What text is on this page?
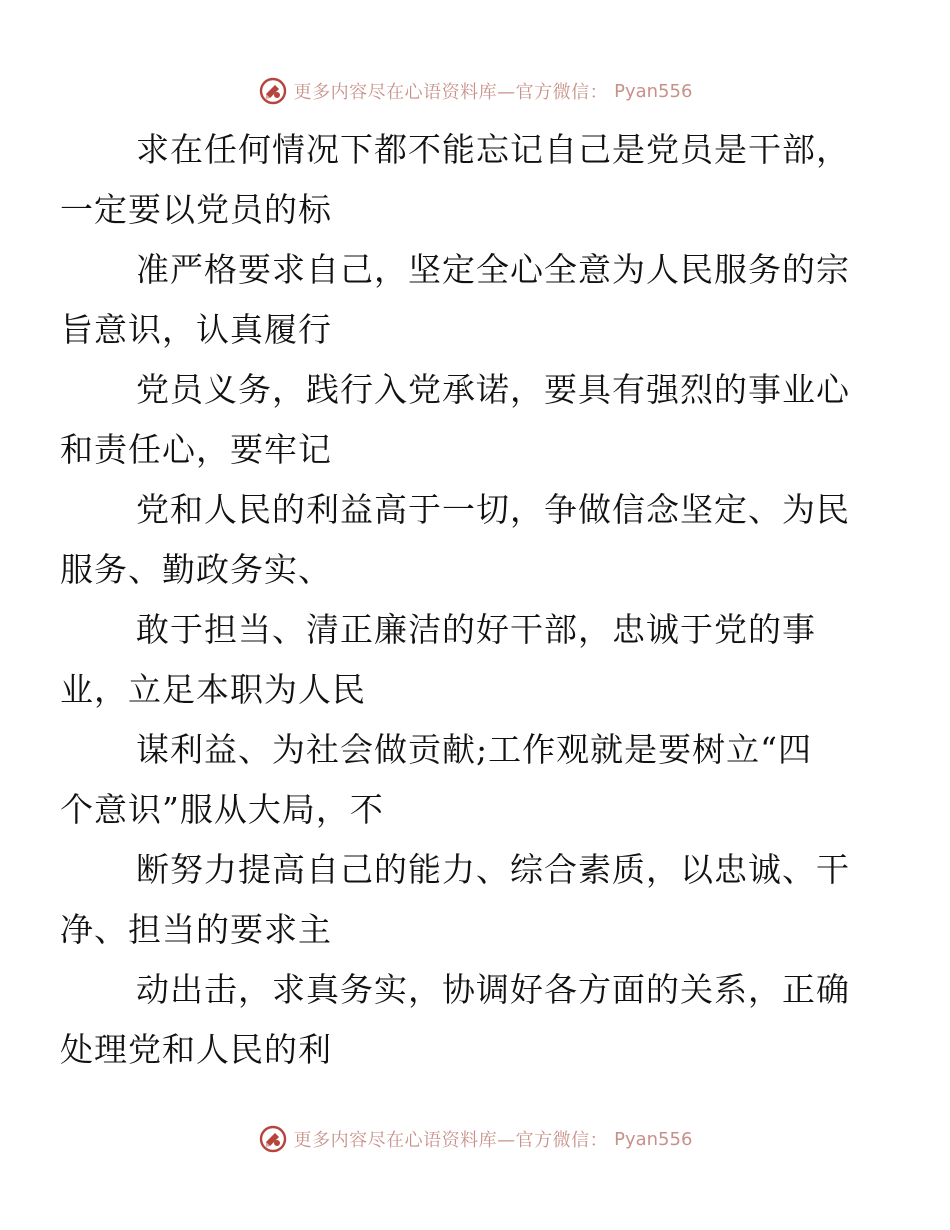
更多内容尽在心语资料库—官方微信： Pyan556

求在任何情况下都不能忘记自己是党员是干部，
一定要以党员的标

准严格要求自己，坚定全心全意为人民服务的宗
旨意识，认真履行

党员义务，践行入党承诺，要具有强烈的事业心
和责任心，要牢记

党和人民的利益高于一切，争做信念坚定、为民
服务、勤政务实、

敢于担当、清正廉洁的好干部，忠诚于党的事
业，立足本职为人民

谋利益、为社会做贡献;工作观就是要树立“四
个意识”服从大局，不

断努力提高自己的能力、综合素质，以忠诚、干
净、担当的要求主

动出击，求真务实，协调好各方面的关系，正确
处理党和人民的利

更多内容尽在心语资料库—官方微信： Pyan556
